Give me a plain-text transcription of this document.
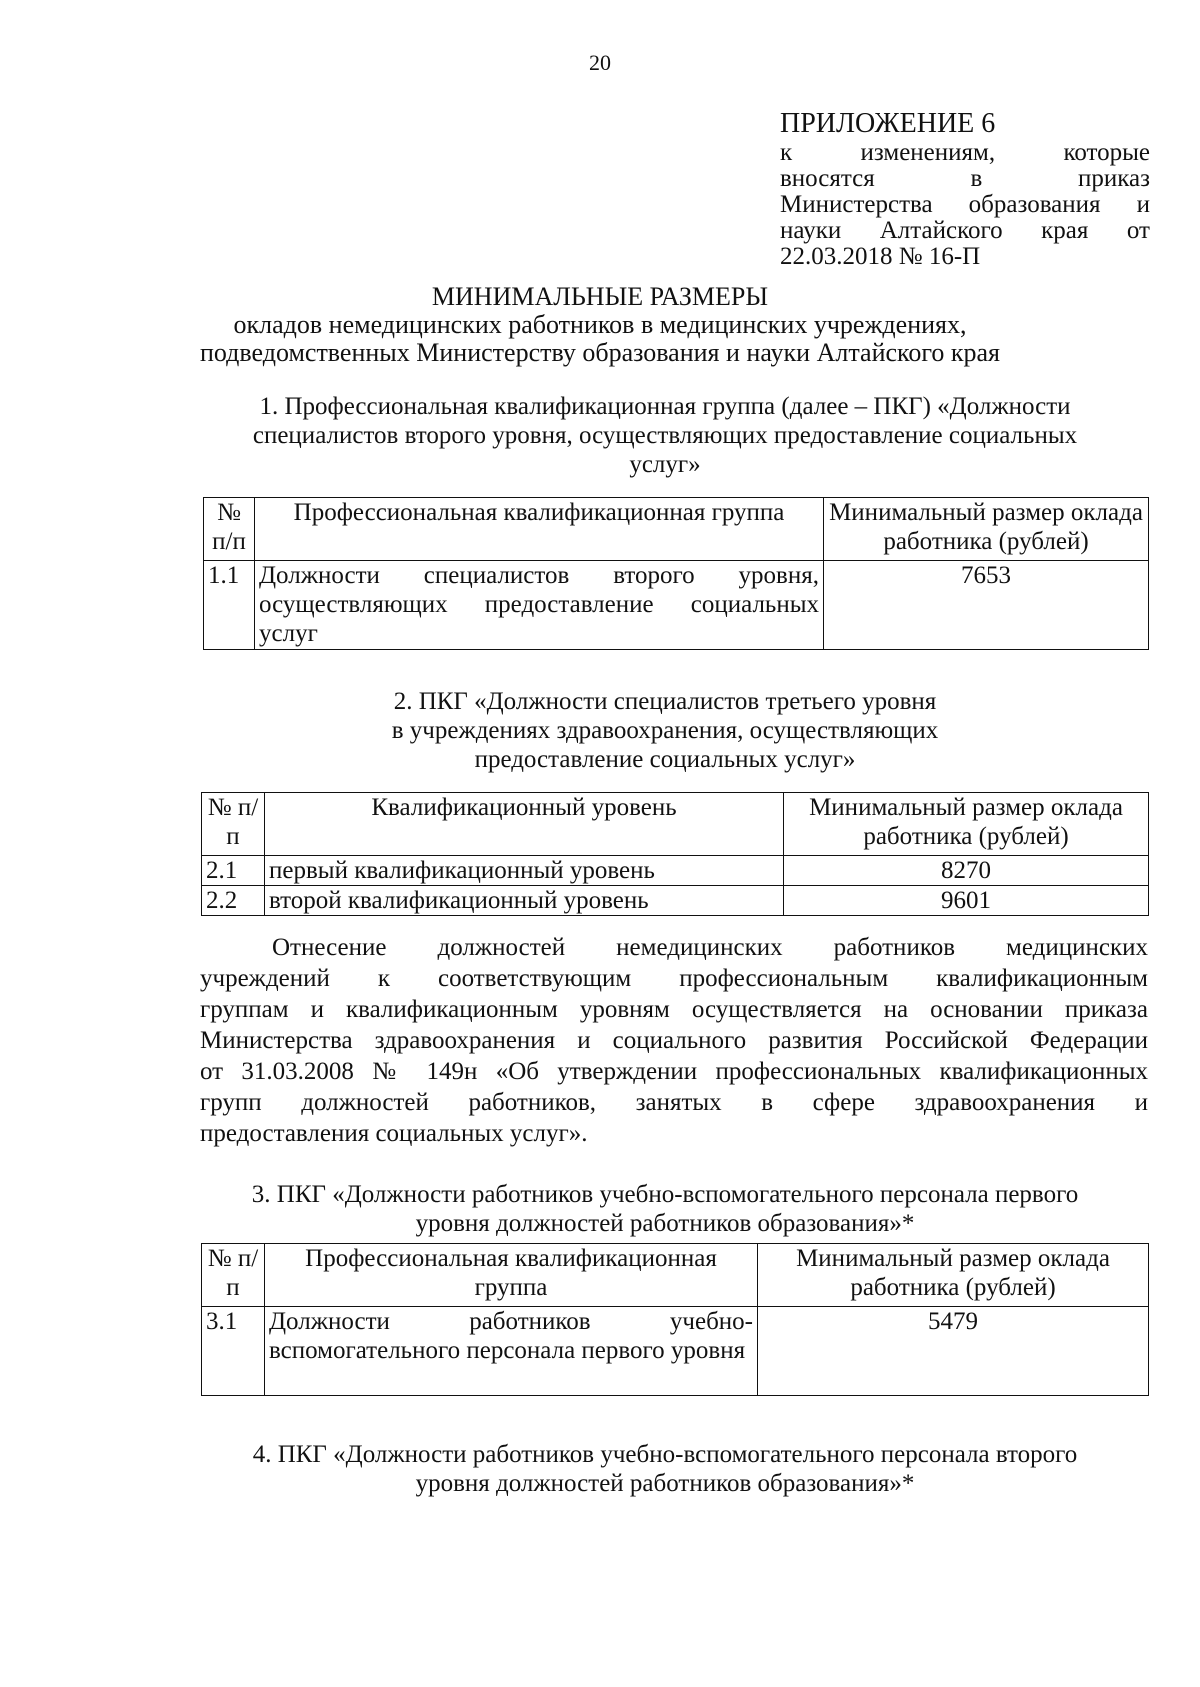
20
ПРИЛОЖЕНИЕ 6
к изменениям, которые
вносятся в приказ
Министерства образования и
науки Алтайского края от
22.03.2018 № 16-П
МИНИМАЛЬНЫЕ РАЗМЕРЫ
окладов немедицинских работников в медицинских учреждениях,
подведомственных Министерству образования и науки Алтайского края
1. Профессиональная квалификационная группа (далее – ПКГ) «Должности
специалистов второго уровня, осуществляющих предоставление социальных
услуг»
№ п/п	Профессиональная квалификационная группа	Минимальный размер оклада работника (рублей)
1.1	Должности специалистов второго уровня, осуществляющих предоставление социальных услуг	7653
2. ПКГ «Должности специалистов третьего уровня
в учреждениях здравоохранения, осуществляющих
предоставление социальных услуг»
№ п/п	Квалификационный уровень	Минимальный размер оклада работника (рублей)
2.1	первый квалификационный уровень	8270
2.2	второй квалификационный уровень	9601
Отнесение должностей немедицинских работников медицинских
учреждений к соответствующим профессиональным квалификационным
группам и квалификационным уровням осуществляется на основании приказа
Министерства здравоохранения и социального развития Российской Федерации
от 31.03.2008 № 149н «Об утверждении профессиональных квалификационных
групп должностей работников, занятых в сфере здравоохранения и
предоставления социальных услуг».
3. ПКГ «Должности работников учебно-вспомогательного персонала первого
уровня должностей работников образования»*
№ п/п	Профессиональная квалификационная группа	Минимальный размер оклада работника (рублей)
3.1	Должности работников учебно-вспомогательного персонала первого уровня	5479
4. ПКГ «Должности работников учебно-вспомогательного персонала второго
уровня должностей работников образования»*
